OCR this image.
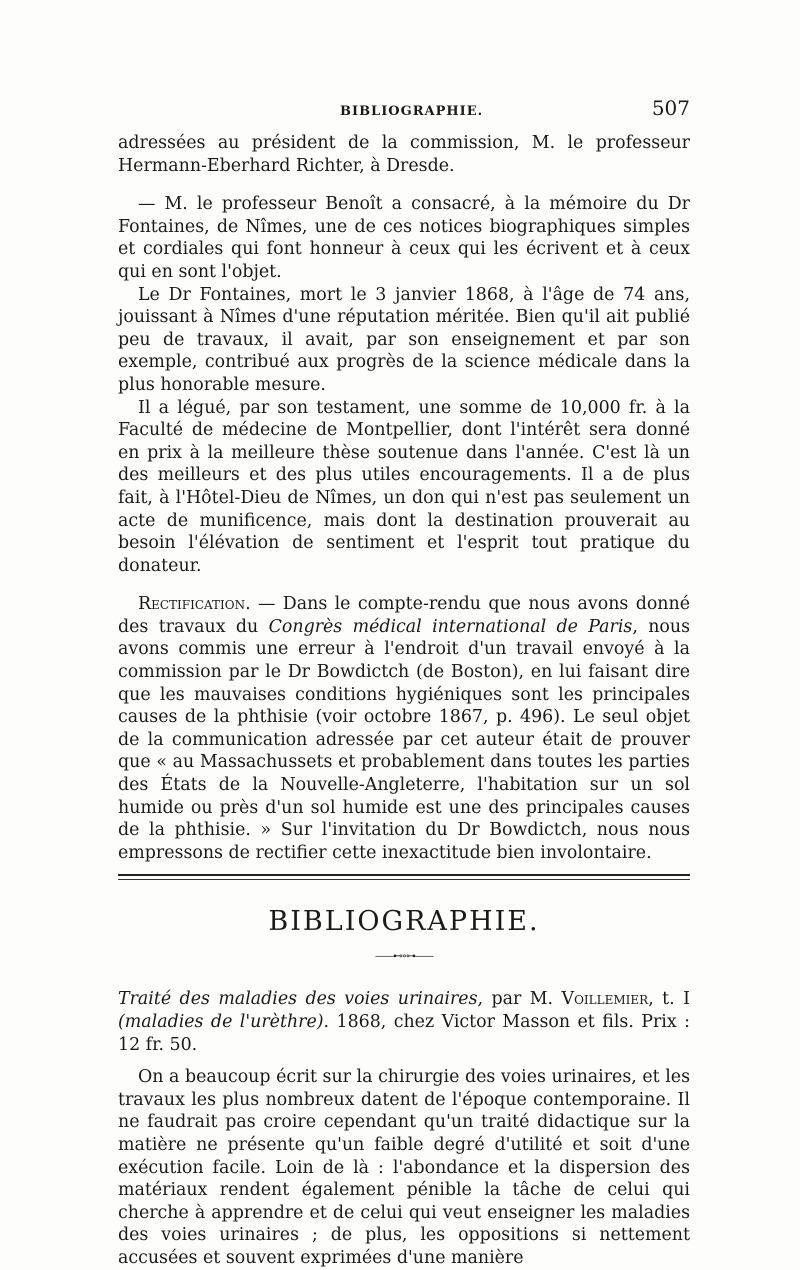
BIBLIOGRAPHIE.	507

adressées au président de la commission, M. le professeur Hermann-Eberhard Richter, à Dresde.

— M. le professeur Benoît a consacré, à la mémoire du Dr Fontaines, de Nîmes, une de ces notices biographiques simples et cordiales qui font honneur à ceux qui les écrivent et à ceux qui en sont l'objet.

Le Dr Fontaines, mort le 3 janvier 1868, à l'âge de 74 ans, jouissant à Nîmes d'une réputation méritée. Bien qu'il ait publié peu de travaux, il avait, par son enseignement et par son exemple, contribué aux progrès de la science médicale dans la plus honorable mesure.

Il a légué, par son testament, une somme de 10,000 fr. à la Faculté de médecine de Montpellier, dont l'intérêt sera donné en prix à la meilleure thèse soutenue dans l'année. C'est là un des meilleurs et des plus utiles encouragements. Il a de plus fait, à l'Hôtel-Dieu de Nîmes, un don qui n'est pas seulement un acte de munificence, mais dont la destination prouverait au besoin l'élévation de sentiment et l'esprit tout pratique du donateur.

Rectification. — Dans le compte-rendu que nous avons donné des travaux du Congrès médical international de Paris, nous avons commis une erreur à l'endroit d'un travail envoyé à la commission par le Dr Bowdictch (de Boston), en lui faisant dire que les mauvaises conditions hygiéniques sont les principales causes de la phthisie (voir octobre 1867, p. 496). Le seul objet de la communication adressée par cet auteur était de prouver que « au Massachussets et probablement dans toutes les parties des États de la Nouvelle-Angleterre, l'habitation sur un sol humide ou près d'un sol humide est une des principales causes de la phthisie. » Sur l'invitation du Dr Bowdictch, nous nous empressons de rectifier cette inexactitude bien involontaire.

BIBLIOGRAPHIE.
——⊷∘⊶——

Traité des maladies des voies urinaires, par M. Voillemier, t. I (maladies de l'urèthre). 1868, chez Victor Masson et fils. Prix : 12 fr. 50.

On a beaucoup écrit sur la chirurgie des voies urinaires, et les travaux les plus nombreux datent de l'époque contemporaine. Il ne faudrait pas croire cependant qu'un traité didactique sur la matière ne présente qu'un faible degré d'utilité et soit d'une exécution facile. Loin de là : l'abondance et la dispersion des matériaux rendent également pénible la tâche de celui qui cherche à apprendre et de celui qui veut enseigner les maladies des voies urinaires ; de plus, les oppositions si nettement accusées et souvent exprimées d'une manière
